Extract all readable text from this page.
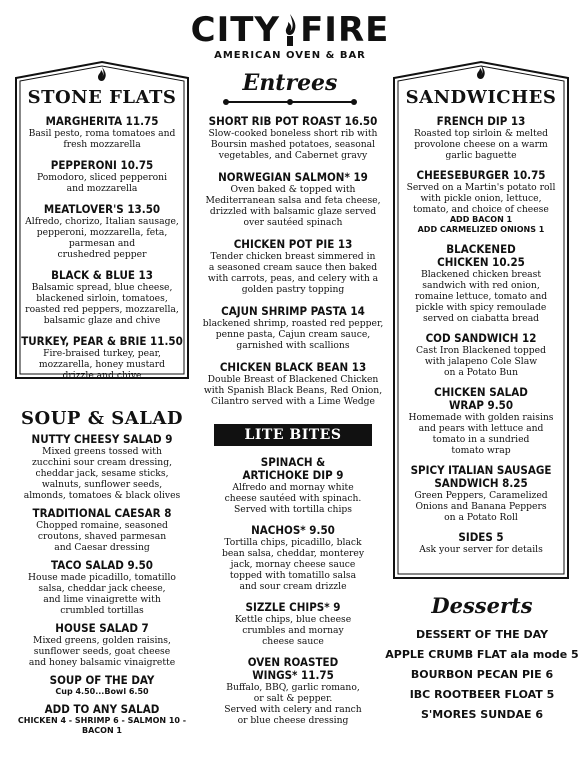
CITY FIRE
AMERICAN OVEN & BAR
Entrees
STONE FLATS
MARGHERITA 11.75
Basil pesto, roma tomatoes and
fresh mozzarella
PEPPERONI 10.75
Pomodoro, sliced pepperoni
and mozzarella
MEATLOVER'S 13.50
Alfredo, chorizo, Italian sausage,
pepperoni, mozzarella, feta,
parmesan and
crushedred pepper
BLACK & BLUE 13
Balsamic spread, blue cheese,
blackened sirloin, tomatoes,
roasted red peppers, mozzarella,
balsamic glaze and chive
TURKEY, PEAR & BRIE 11.50
Fire-braised turkey, pear,
mozzarella, honey mustard
drizzle and chive
SOUP & SALAD
NUTTY CHEESY SALAD 9
Mixed greens tossed with
zucchini sour cream dressing,
cheddar jack, sesame sticks,
walnuts, sunflower seeds,
almonds, tomatoes & black olives
TRADITIONAL CAESAR 8
Chopped romaine, seasoned
croutons, shaved parmesan
and Caesar dressing
TACO SALAD 9.50
House made picadillo, tomatillo
salsa, cheddar jack cheese,
and lime vinaigrette with
crumbled tortillas
HOUSE SALAD 7
Mixed greens, golden raisins,
sunflower seeds, goat cheese
and honey balsamic vinaigrette
SOUP OF THE DAY
Cup 4.50...Bowl 6.50
ADD TO ANY SALAD
CHICKEN 4 - SHRIMP 6 - SALMON 10 - BACON 1
SHORT RIB POT ROAST 16.50
Slow-cooked boneless short rib with
Boursin mashed potatoes, seasonal
vegetables, and Cabernet gravy
NORWEGIAN SALMON* 19
Oven baked & topped with
Mediterranean salsa and feta cheese,
drizzled with balsamic glaze served
over sautéed spinach
CHICKEN POT PIE 13
Tender chicken breast simmered in
a seasoned cream sauce then baked
with carrots, peas, and celery with a
golden pastry topping
CAJUN SHRIMP PASTA 14
blackened shrimp, roasted red pepper,
penne pasta, Cajun cream sauce,
garnished with scallions
CHICKEN BLACK BEAN 13
Double Breast of Blackened Chicken
with Spanish Black Beans, Red Onion,
Cilantro served with a Lime Wedge
LITE BITES
SPINACH &
ARTICHOKE DIP 9
Alfredo and mornay white
cheese sautéed with spinach.
Served with tortilla chips
NACHOS* 9.50
Tortilla chips, picadillo, black
bean salsa, cheddar, monterey
jack, mornay cheese sauce
topped with tomatillo salsa
and sour cream drizzle
SIZZLE CHIPS* 9
Kettle chips, blue cheese
crumbles and mornay
cheese sauce
OVEN ROASTED
WINGS* 11.75
Buffalo, BBQ, garlic romano,
or salt & pepper.
Served with celery and ranch
or blue cheese dressing
SANDWICHES
FRENCH DIP 13
Roasted top sirloin & melted
provolone cheese on a warm
garlic baguette
CHEESEBURGER 10.75
Served on a Martin's potato roll
with pickle onion, lettuce,
tomato, and choice of cheese
ADD BACON 1
ADD CARMELIZED ONIONS 1
BLACKENED
CHICKEN 10.25
Blackened chicken breast
sandwich with red onion,
romaine lettuce, tomato and
pickle with spicy remoulade
served on ciabatta bread
COD SANDWICH 12
Cast Iron Blackened topped
with jalapeno Cole Slaw
on a Potato Bun
CHICKEN SALAD
WRAP 9.50
Homemade with golden raisins
and pears with lettuce and
tomato in a sundried
tomato wrap
SPICY ITALIAN SAUSAGE
SANDWICH 8.25
Green Peppers, Caramelized
Onions and Banana Peppers
on a Potato Roll
SIDES 5
Ask your server for details
Desserts
DESSERT OF THE DAY
APPLE CRUMB FLAT ala mode 5
BOURBON PECAN PIE 6
IBC ROOTBEER FLOAT 5
S'MORES SUNDAE 6
